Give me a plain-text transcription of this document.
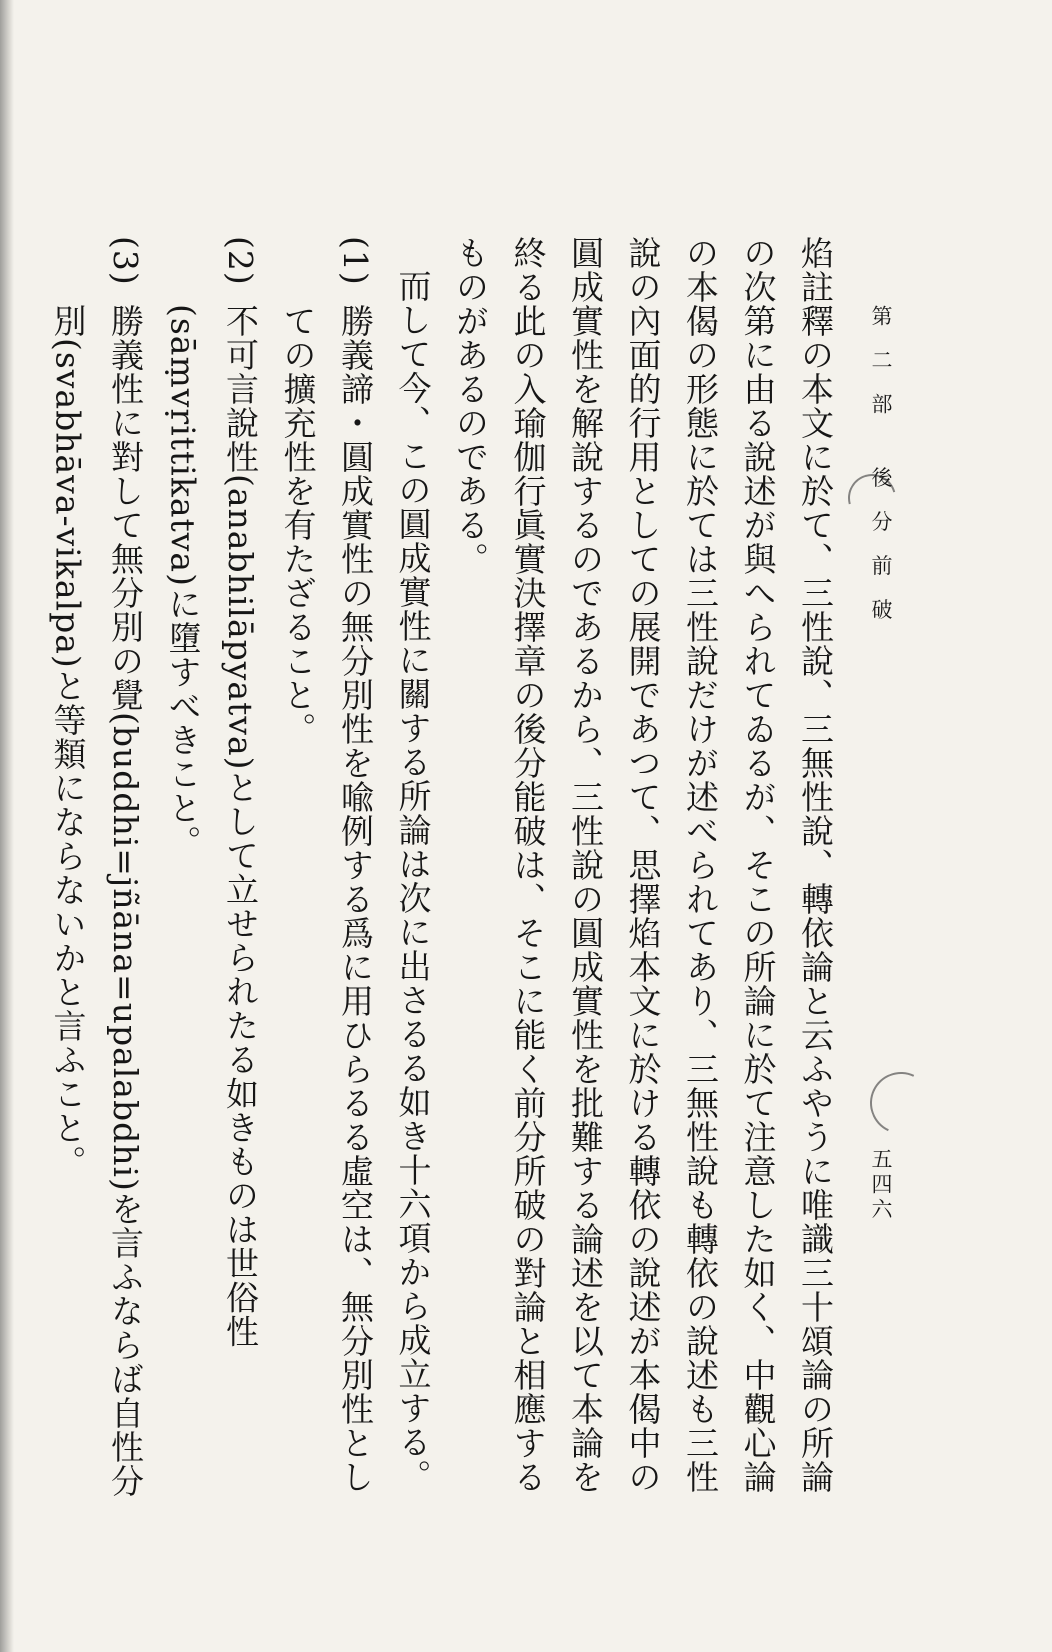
第二部 後分前破
五四六

焰註釋の本文に於て、三性說、三無性說、轉依論と云ふやうに唯識三十頌論の所論の次第に由る說述が與へられてゐるが、そこの所論に於て注意した如く、中觀心論の本偈の形態に於ては三性說だけが述べられてあり、三無性說も轉依の說述も三性說の內面的行用としての展開であつて、思擇焰本文に於ける轉依の說述が本偈中の圓成實性を解說するのであるから、三性說の圓成實性を批難する論述を以て本論を終る此の入瑜伽行眞實決擇章の後分能破は、そこに能く前分所破の對論と相應するものがあるのである。

而して今、この圓成實性に關する所論は次に出さるる如き十六項から成立する。

(1)
勝義諦・圓成實性の無分別性を喩例する爲に用ひらるる虛空は、無分別性としての擴充性を有たざること。
(2)
不可言說性(anabhilāpyatva)として立せられたる如きものは世俗性(sāṃvṛittikatva)に墮すべきこと。
(3)
勝義性に對して無分別の覺(buddhi=jñāna=upalabdhi)を言ふならば自性分別(svabhāva-vikalpa)と等類にならないかと言ふこと。
